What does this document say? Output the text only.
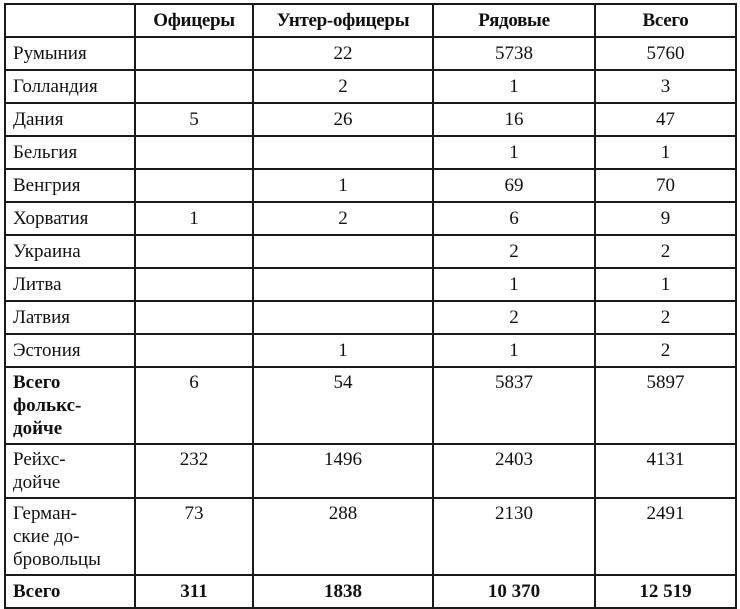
	Офицеры	Унтер-офицеры	Рядовые	Всего

Румыния		22	5738	5760

Голландия		2	1	3

Дания	5	26	16	47

Бельгия			1	1

Венгрия		1	69	70

Хорватия	1	2	6	9

Украина			2	2

Литва			1	1

Латвия			2	2

Эстония		1	1	2

Всего
фолькс-
дойче	6	54	5837	5897

Рейхс-
дойче	232	1496	2403	4131

Герман-
ские до-
бровольцы	73	288	2130	2491

Всего	311	1838	10 370	12 519
